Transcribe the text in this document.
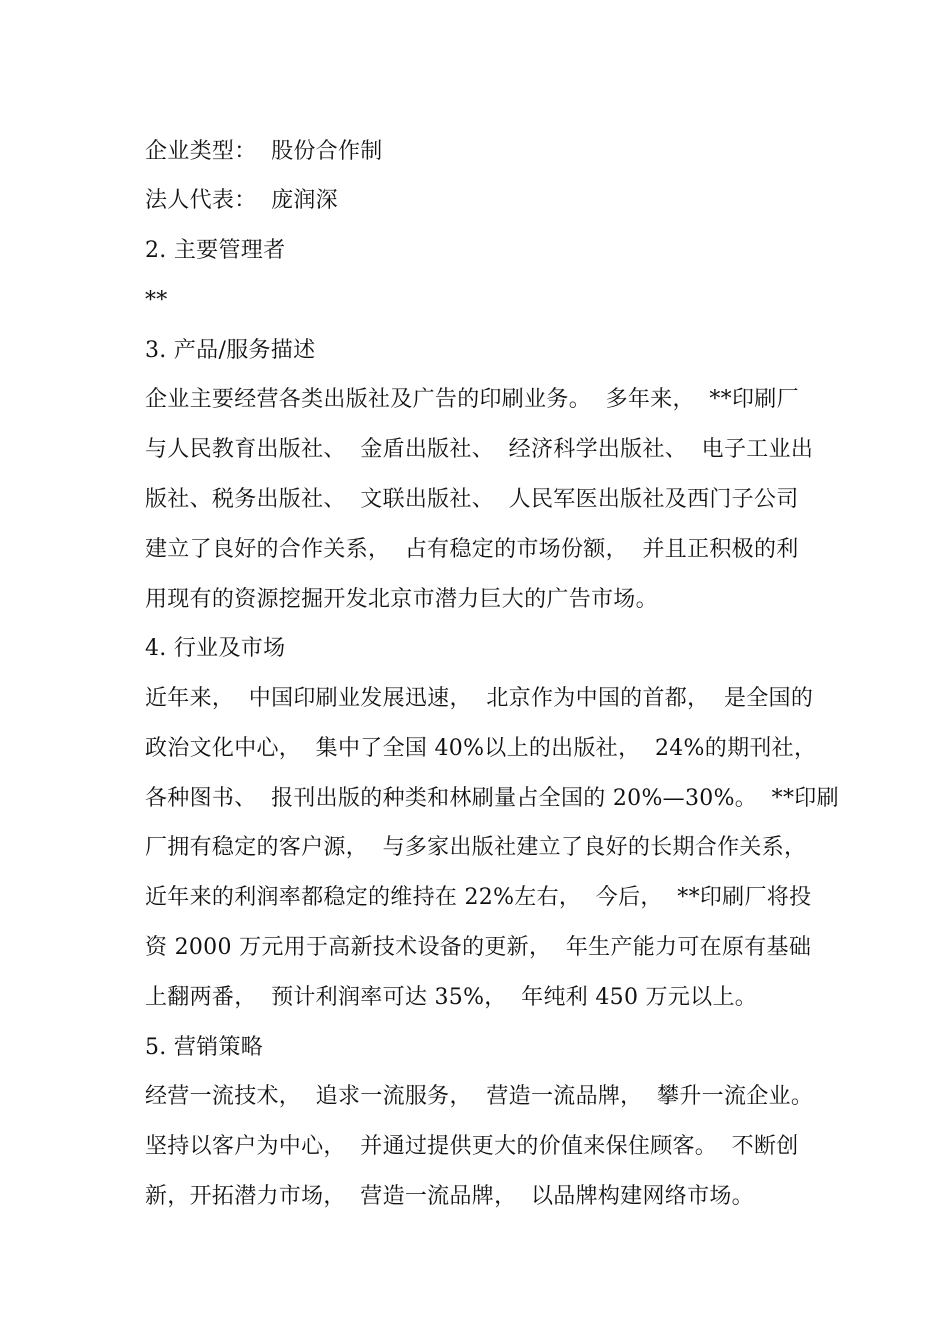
企业类型：  股份合作制
法人代表：  庞润深
2. 主要管理者
**
3. 产品/服务描述
企业主要经营各类出版社及广告的印刷业务。  多年来，  **印刷厂
与人民教育出版社、  金盾出版社、  经济科学出版社、  电子工业出
版社、税务出版社、  文联出版社、  人民军医出版社及西门子公司
建立了良好的合作关系，  占有稳定的市场份额，  并且正积极的利
用现有的资源挖掘开发北京市潜力巨大的广告市场。
4. 行业及市场
近年来，  中国印刷业发展迅速，  北京作为中国的首都，  是全国的
政治文化中心，  集中了全国 40%以上的出版社，  24%的期刊社，
各种图书、  报刊出版的种类和林刷量占全国的 20%—30%。  **印刷
厂拥有稳定的客户源，  与多家出版社建立了良好的长期合作关系，
近年来的利润率都稳定的维持在 22%左右，  今后，  **印刷厂将投
资 2000 万元用于高新技术设备的更新，  年生产能力可在原有基础
上翻两番，  预计利润率可达 35%，  年纯利 450 万元以上。
5. 营销策略
经营一流技术，  追求一流服务，  营造一流品牌，  攀升一流企业。
坚持以客户为中心，  并通过提供更大的价值来保住顾客。  不断创
新，开拓潜力市场，  营造一流品牌，  以品牌构建网络市场。
